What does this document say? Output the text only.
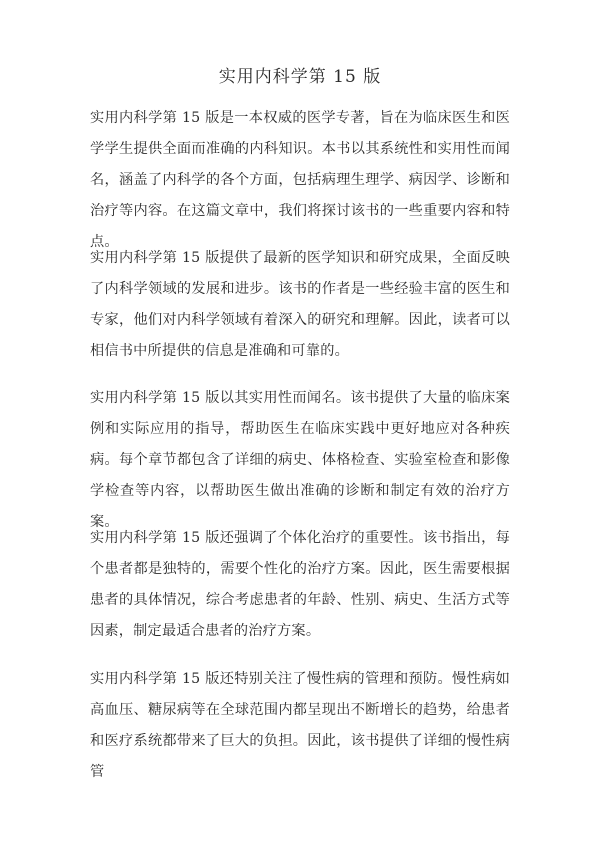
实用内科学第 15 版

实用内科学第 15 版是一本权威的医学专著，旨在为临床医生和医学学生提供全面而准确的内科知识。本书以其系统性和实用性而闻名，涵盖了内科学的各个方面，包括病理生理学、病因学、诊断和治疗等内容。在这篇文章中，我们将探讨该书的一些重要内容和特点。

实用内科学第 15 版提供了最新的医学知识和研究成果，全面反映了内科学领域的发展和进步。该书的作者是一些经验丰富的医生和专家，他们对内科学领域有着深入的研究和理解。因此，读者可以相信书中所提供的信息是准确和可靠的。

实用内科学第 15 版以其实用性而闻名。该书提供了大量的临床案例和实际应用的指导，帮助医生在临床实践中更好地应对各种疾病。每个章节都包含了详细的病史、体格检查、实验室检查和影像学检查等内容，以帮助医生做出准确的诊断和制定有效的治疗方案。

实用内科学第 15 版还强调了个体化治疗的重要性。该书指出，每个患者都是独特的，需要个性化的治疗方案。因此，医生需要根据患者的具体情况，综合考虑患者的年龄、性别、病史、生活方式等因素，制定最适合患者的治疗方案。

实用内科学第 15 版还特别关注了慢性病的管理和预防。慢性病如高血压、糖尿病等在全球范围内都呈现出不断增长的趋势，给患者和医疗系统都带来了巨大的负担。因此，该书提供了详细的慢性病管
